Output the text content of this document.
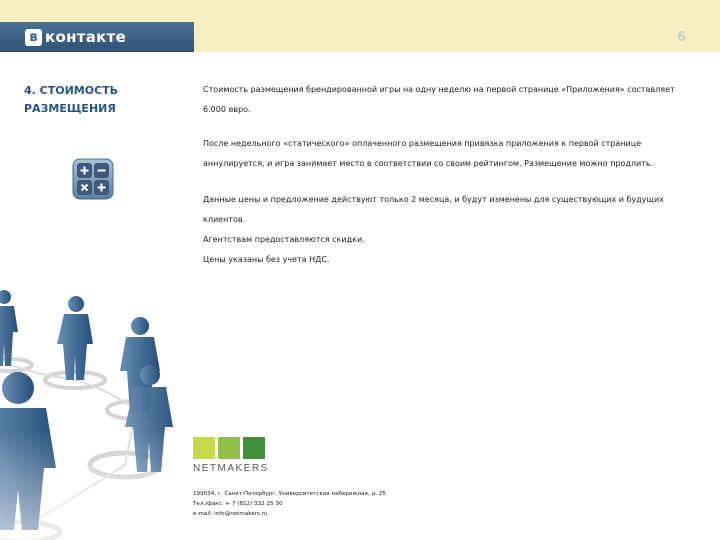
в контакте	6
4. СТОИМОСТЬ
РАЗМЕЩЕНИЯ

Стоимость размещения брендированной игры на одну неделю на первой странице «Приложения» составляет

6.000 евро.

После недельного «статического» оплаченного размещения привязка приложения к первой странице

аннулируется, и игра занимает место в соответствии со своим рейтингом. Размещение можно продлить.

Данные цены и предложение действуют только 2 месяца, и будут изменены для существующих и будущих

клиентов.

Агентствам предоставляются скидки.

Цены указаны без учета НДС.

NETMAKERS
199034, г. Санкт-Петербург, Университетская набережная, д. 25
Тел./факс: + 7 (812) 332 25 30
e-mail: info@netmakers.ru
